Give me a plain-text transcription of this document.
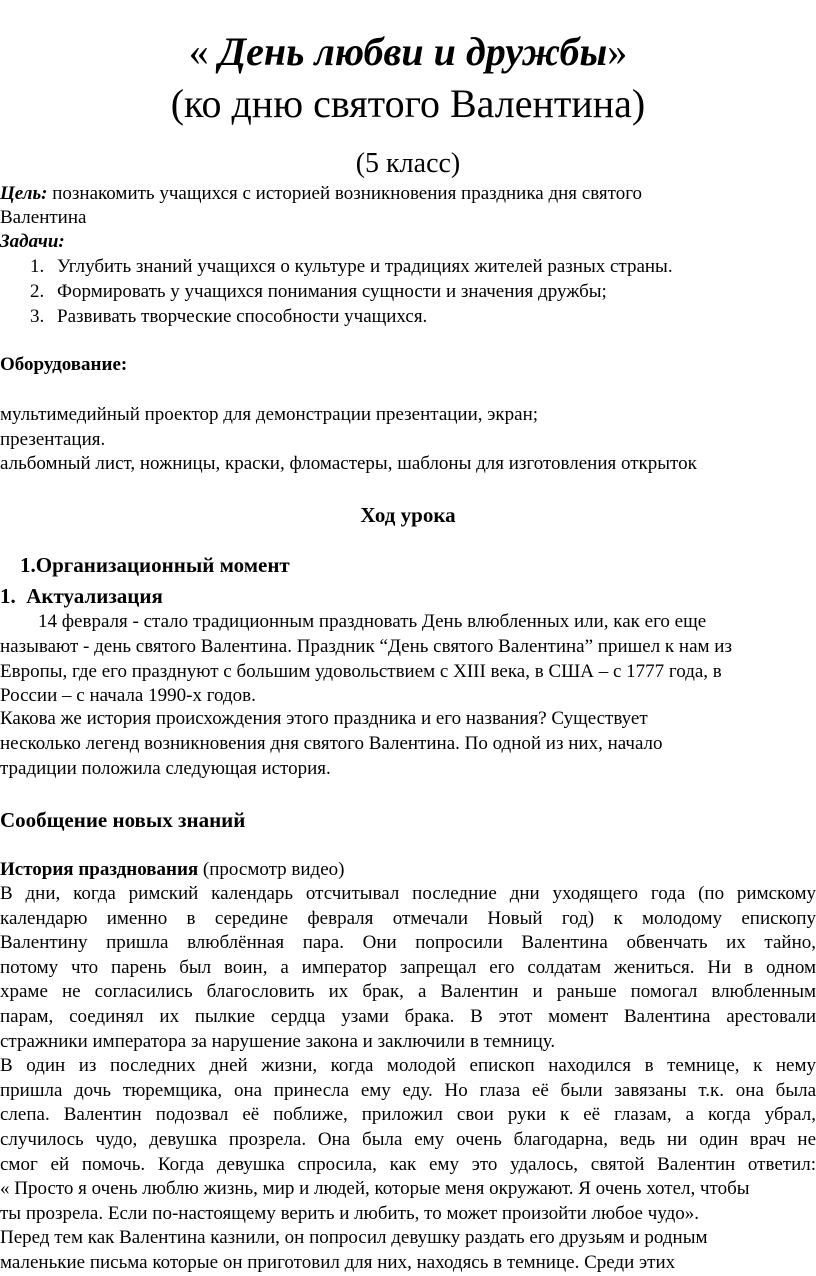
« День любви и дружбы»
(ко дню святого Валентина)
(5 класс)
Цель: познакомить учащихся с историей возникновения праздника дня святого
Валентина
Задачи:
1. Углубить знаний учащихся о культуре и традициях жителей разных страны.
2. Формировать у учащихся понимания сущности и значения дружбы;
3. Развивать творческие способности учащихся.
Оборудование:
мультимедийный проектор для демонстрации презентации, экран;
презентация.
альбомный лист, ножницы, краски, фломастеры, шаблоны для изготовления открыток
Ход урока
1.Организационный момент
1. Актуализация
14 февраля - стало традиционным праздновать День влюбленных или, как его еще
называют - день святого Валентина. Праздник “День святого Валентина” пришел к нам из
Европы, где его празднуют с большим удовольствием с XIII века, в США – с 1777 года, в
России – с начала 1990-х годов.
Какова же история происхождения этого праздника и его названия? Существует
несколько легенд возникновения дня святого Валентина. По одной из них, начало
традиции положила следующая история.
Сообщение новых знаний
История празднования (просмотр видео)
В дни, когда римский календарь отсчитывал последние дни уходящего года (по римскому
календарю именно в середине февраля отмечали Новый год) к молодому епископу
Валентину пришла влюблённая пара. Они попросили Валентина обвенчать их тайно,
потому что парень был воин, а император запрещал его солдатам жениться. Ни в одном
храме не согласились благословить их брак, а Валентин и раньше помогал влюбленным
парам, соединял их пылкие сердца узами брака. В этот момент Валентина арестовали
стражники императора за нарушение закона и заключили в темницу.
В один из последних дней жизни, когда молодой епископ находился в темнице, к нему
пришла дочь тюремщика, она принесла ему еду. Но глаза её были завязаны т.к. она была
слепа. Валентин подозвал её поближе, приложил свои руки к её глазам, а когда убрал,
случилось чудо, девушка прозрела. Она была ему очень благодарна, ведь ни один врач не
смог ей помочь. Когда девушка спросила, как ему это удалось, святой Валентин ответил:
« Просто я очень люблю жизнь, мир и людей, которые меня окружают. Я очень хотел, чтобы
ты прозрела. Если по-настоящему верить и любить, то может произойти любое чудо».
Перед тем как Валентина казнили, он попросил девушку раздать его друзьям и родным
маленькие письма которые он приготовил для них, находясь в темнице. Среди этих
